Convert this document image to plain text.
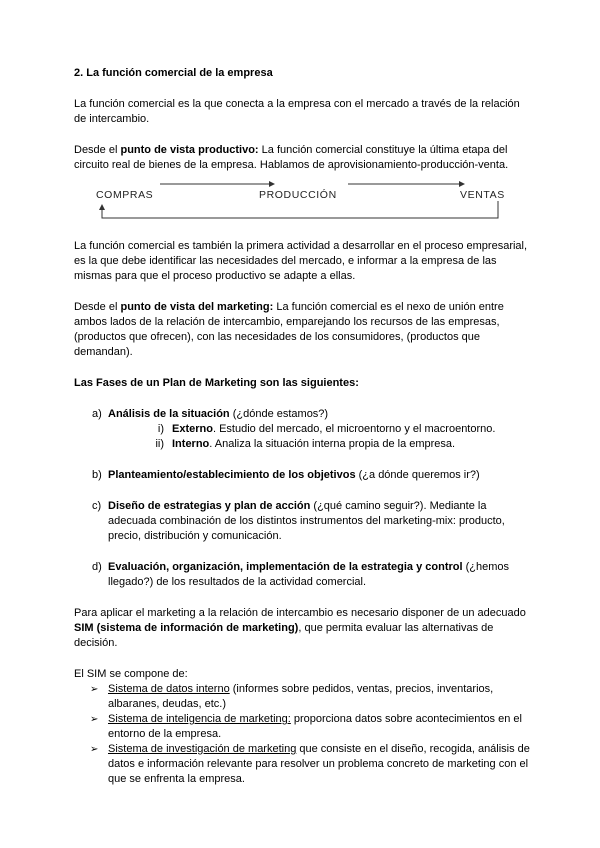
2. La función comercial de la empresa

La función comercial es la que conecta a la empresa con el mercado a través de la relación de intercambio.

Desde el punto de vista productivo: La función comercial constituye la última etapa del circuito real de bienes de la empresa. Hablamos de aprovisionamiento-producción-venta.

COMPRAS	PRODUCCIÓN	VENTAS

La función comercial es también la primera actividad a desarrollar en el proceso empresarial, es la que debe identificar las necesidades del mercado, e informar a la empresa de las mismas para que el proceso productivo se adapte a ellas.

Desde el punto de vista del marketing: La función comercial es el nexo de unión entre ambos lados de la relación de intercambio, emparejando los recursos de las empresas, (productos que ofrecen), con las necesidades de los consumidores, (productos que demandan).

Las Fases de un Plan de Marketing son las siguientes:

a) Análisis de la situación (¿dónde estamos?)
i) Externo. Estudio del mercado, el microentorno y el macroentorno.
ii) Interno. Analiza la situación interna propia de la empresa.
b) Planteamiento/establecimiento de los objetivos (¿a dónde queremos ir?)
c) Diseño de estrategias y plan de acción (¿qué camino seguir?). Mediante la adecuada combinación de los distintos instrumentos del marketing-mix: producto, precio, distribución y comunicación.
d) Evaluación, organización, implementación de la estrategia y control (¿hemos llegado?) de los resultados de la actividad comercial.

Para aplicar el marketing a la relación de intercambio es necesario disponer de un adecuado SIM (sistema de información de marketing), que permita evaluar las alternativas de decisión.

El SIM se compone de:

➢ Sistema de datos interno (informes sobre pedidos, ventas, precios, inventarios, albaranes, deudas, etc.)
➢ Sistema de inteligencia de marketing: proporciona datos sobre acontecimientos en el entorno de la empresa.
➢ Sistema de investigación de marketing que consiste en el diseño, recogida, análisis de datos e información relevante para resolver un problema concreto de marketing con el que se enfrenta la empresa.
